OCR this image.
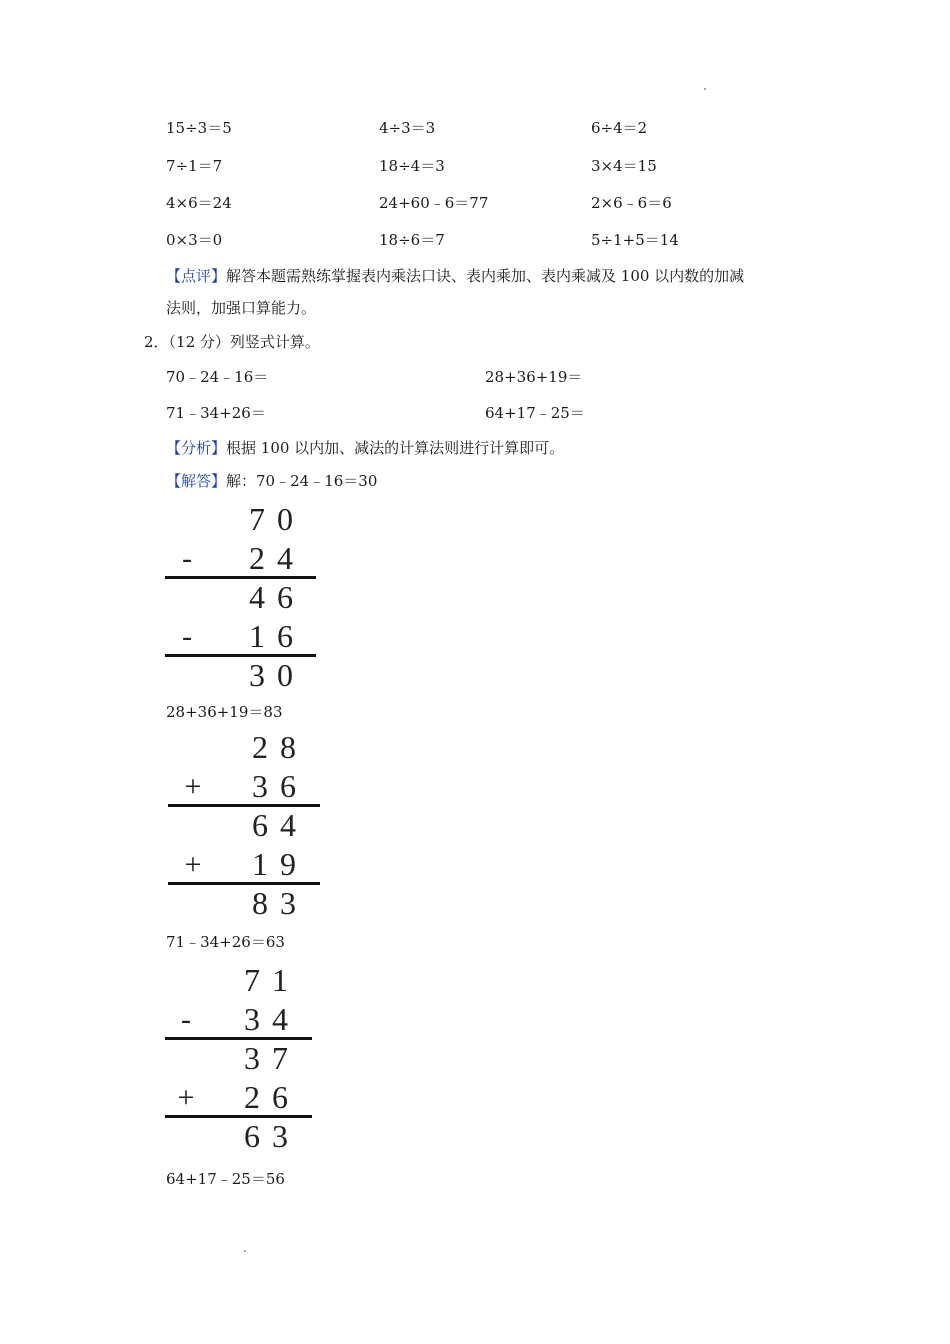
15÷3＝5	4÷3＝3	6÷4＝2
7÷1＝7	18÷4＝3	3×4＝15
4×6＝24	24+60﹣6＝77	2×6﹣6＝6
0×3＝0	18÷6＝7	5÷1+5＝14
【点评】解答本题需熟练掌握表内乘法口诀、表内乘加、表内乘减及 100 以内数的加减
法则，加强口算能力。
2．（12 分）列竖式计算。
70﹣24﹣16＝	28+36+19＝
71﹣34+26＝	64+17﹣25＝
【分析】根据 100 以内加、减法的计算法则进行计算即可。
【解答】解：70﹣24﹣16＝30
7 0
- 2 4
4 6
- 1 6
3 0
28+36+19＝83
2 8
+ 3 6
6 4
+ 1 9
8 3
71﹣34+26＝63
7 1
- 3 4
3 7
+ 2 6
6 3
64+17﹣25＝56
